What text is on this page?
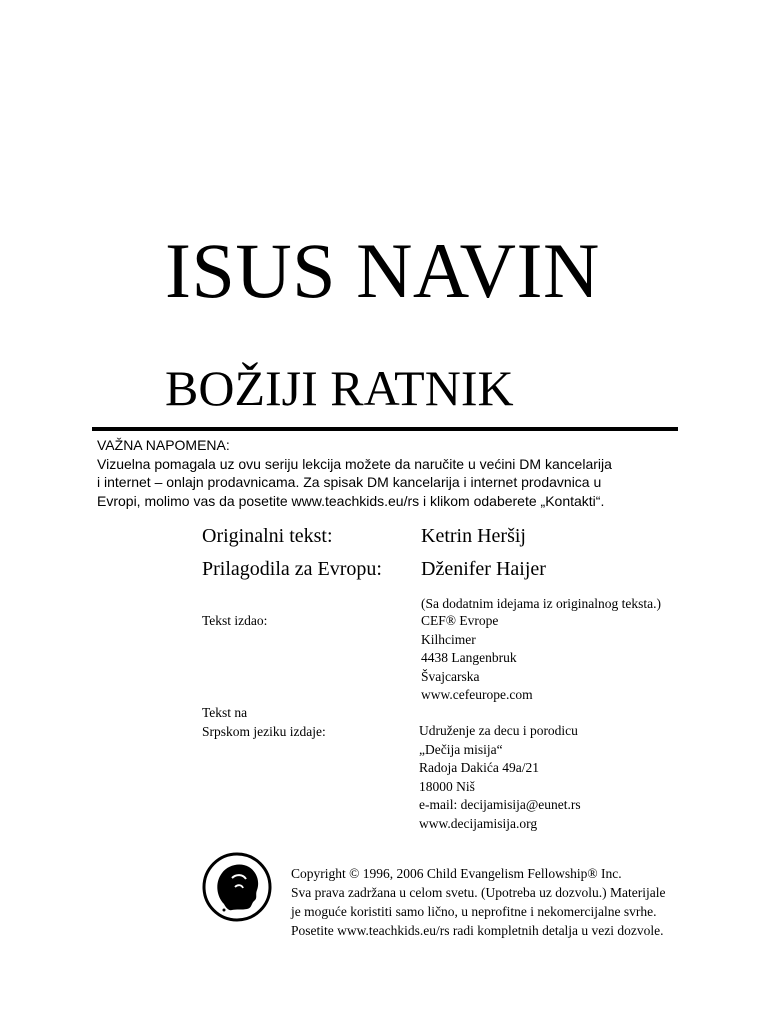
ISUS NAVIN
BOŽIJI RATNIK
VAŽNA NAPOMENA:
Vizuelna pomagala uz ovu seriju lekcija možete da naručite u većini DM kancelarija
i internet – onlajn prodavnicama. Za spisak DM kancelarija i internet prodavnica u
Evropi, molimo vas da posetite www.teachkids.eu/rs i klikom odaberete „Kontakti“.
Originalni tekst:	Ketrin Heršij
Prilagodila za Evropu: Dženifer Haijer
(Sa dodatnim idejama iz originalnog teksta.)
Tekst izdao:	CEF® Evrope
Kilhcimer
4438 Langenbruk
Švajcarska
www.cefeurope.com
Tekst na
Srpskom jeziku izdaje:	Udruženje za decu i porodicu
„Dečija misija“
Radoja Dakića 49a/21
18000 Niš
e-mail: decijamisija@eunet.rs
www.decijamisija.org
Copyright © 1996, 2006 Child Evangelism Fellowship® Inc.
Sva prava zadržana u celom svetu. (Upotreba uz dozvolu.) Materijale
je moguće koristiti samo lično, u neprofitne i nekomercijalne svrhe.
Posetite www.teachkids.eu/rs radi kompletnih detalja u vezi dozvole.
